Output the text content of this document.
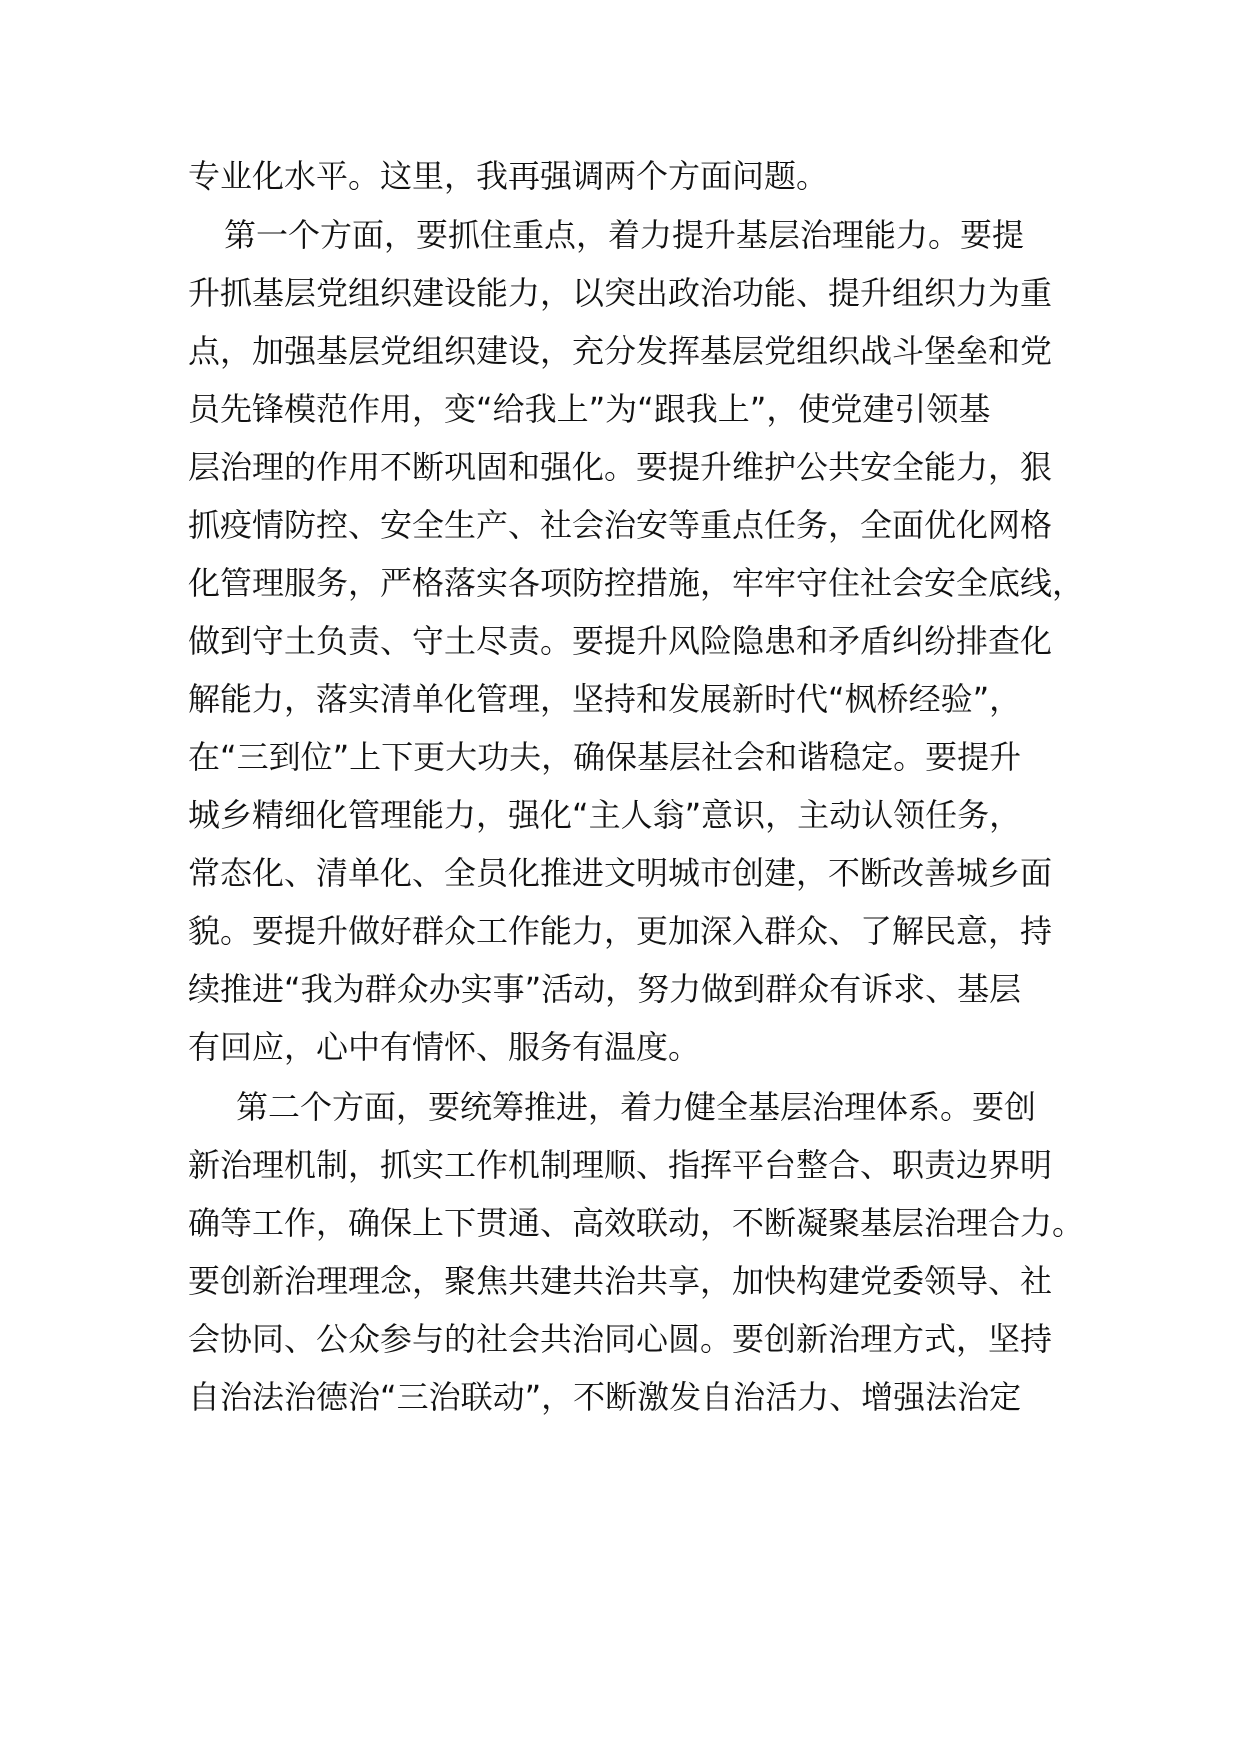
专业化水平。这里，我再强调两个方面问题。
第一个方面，要抓住重点，着力提升基层治理能力。要提
升抓基层党组织建设能力，以突出政治功能、提升组织力为重
点，加强基层党组织建设，充分发挥基层党组织战斗堡垒和党
员先锋模范作用，变“给我上”为“跟我上”，使党建引领基
层治理的作用不断巩固和强化。要提升维护公共安全能力，狠
抓疫情防控、安全生产、社会治安等重点任务，全面优化网格
化管理服务，严格落实各项防控措施，牢牢守住社会安全底线，
做到守土负责、守土尽责。要提升风险隐患和矛盾纠纷排查化
解能力，落实清单化管理，坚持和发展新时代“枫桥经验”，
在“三到位”上下更大功夫，确保基层社会和谐稳定。要提升
城乡精细化管理能力，强化“主人翁”意识，主动认领任务，
常态化、清单化、全员化推进文明城市创建，不断改善城乡面
貌。要提升做好群众工作能力，更加深入群众、了解民意，持
续推进“我为群众办实事”活动，努力做到群众有诉求、基层
有回应，心中有情怀、服务有温度。
第二个方面，要统筹推进，着力健全基层治理体系。要创
新治理机制，抓实工作机制理顺、指挥平台整合、职责边界明
确等工作，确保上下贯通、高效联动，不断凝聚基层治理合力。
要创新治理理念，聚焦共建共治共享，加快构建党委领导、社
会协同、公众参与的社会共治同心圆。要创新治理方式，坚持
自治法治德治“三治联动”，不断激发自治活力、增强法治定
